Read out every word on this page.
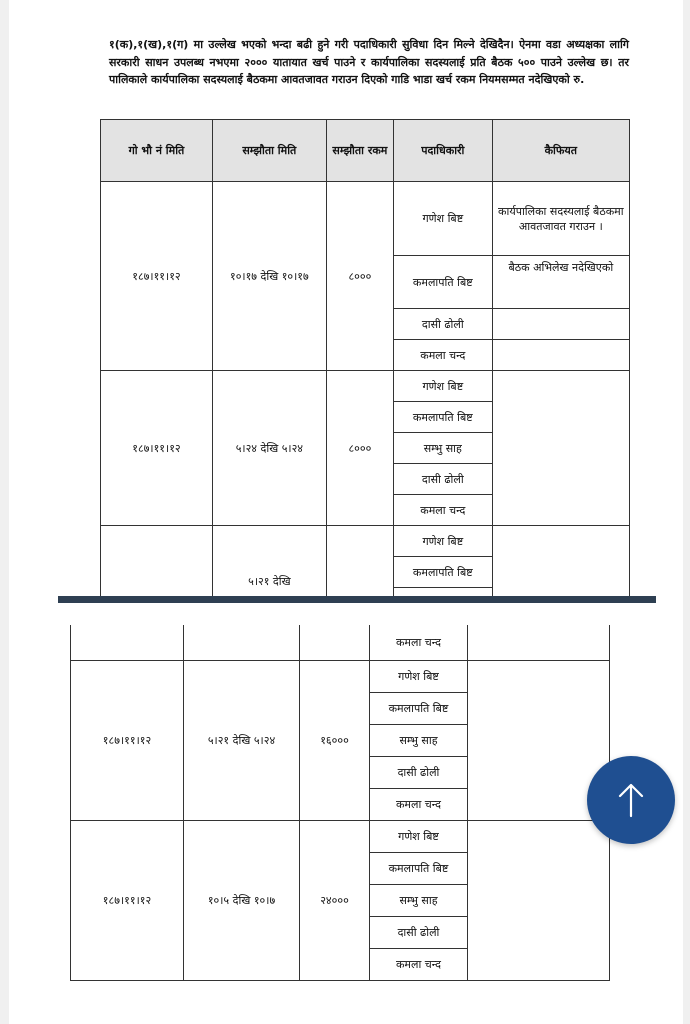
१(क),१(ख),१(ग) मा उल्लेख भएको भन्दा बढी हुने गरी पदाधिकारी सुविधा दिन मिल्ने देखिदैन। ऐनमा वडा अध्यक्षका लागि सरकारी साधन उपलब्ध नभएमा २००० यातायात खर्च पाउने र कार्यपालिका सदस्यलाई प्रति बैठक ५०० पाउने उल्लेख छ। तर पालिकाले कार्यपालिका सदस्यलाई बैठकमा आवतजावत गराउन दिएको गाडि भाडा खर्च रकम नियमसम्मत नदेखिएको रु.
गो भौ नं मिति	सम्झौता मिति	सम्झौता रकम	पदाधिकारी	कैफियत
१८७।११।१२	१०।१७ देखि १०।१७	८०००	गणेश बिष्ट	कार्यपालिका सदस्यलाई बैठकमा आवतजावत गराउन ।
			कमलापति बिष्ट	बैठक अभिलेख नदेखिएको
			दासी ढोली	
			कमला चन्द	
१८७।११।१२	५।२४ देखि ५।२४	८०००	गणेश बिष्ट	
			कमलापति बिष्ट	
			सम्भु साह	
			दासी ढोली	
			कमला चन्द	
	५।२१ देखि		गणेश बिष्ट	
			कमलापति बिष्ट	

			कमला चन्द	
१८७।११।१२	५।२१ देखि ५।२४	१६०००	गणेश बिष्ट	
			कमलापति बिष्ट	
			सम्भु साह	
			दासी ढोली	
			कमला चन्द	
१८७।११।१२	१०।५ देखि १०।७	२४०००	गणेश बिष्ट	
			कमलापति बिष्ट	
			सम्भु साह	
			दासी ढोली	
			कमला चन्द	
